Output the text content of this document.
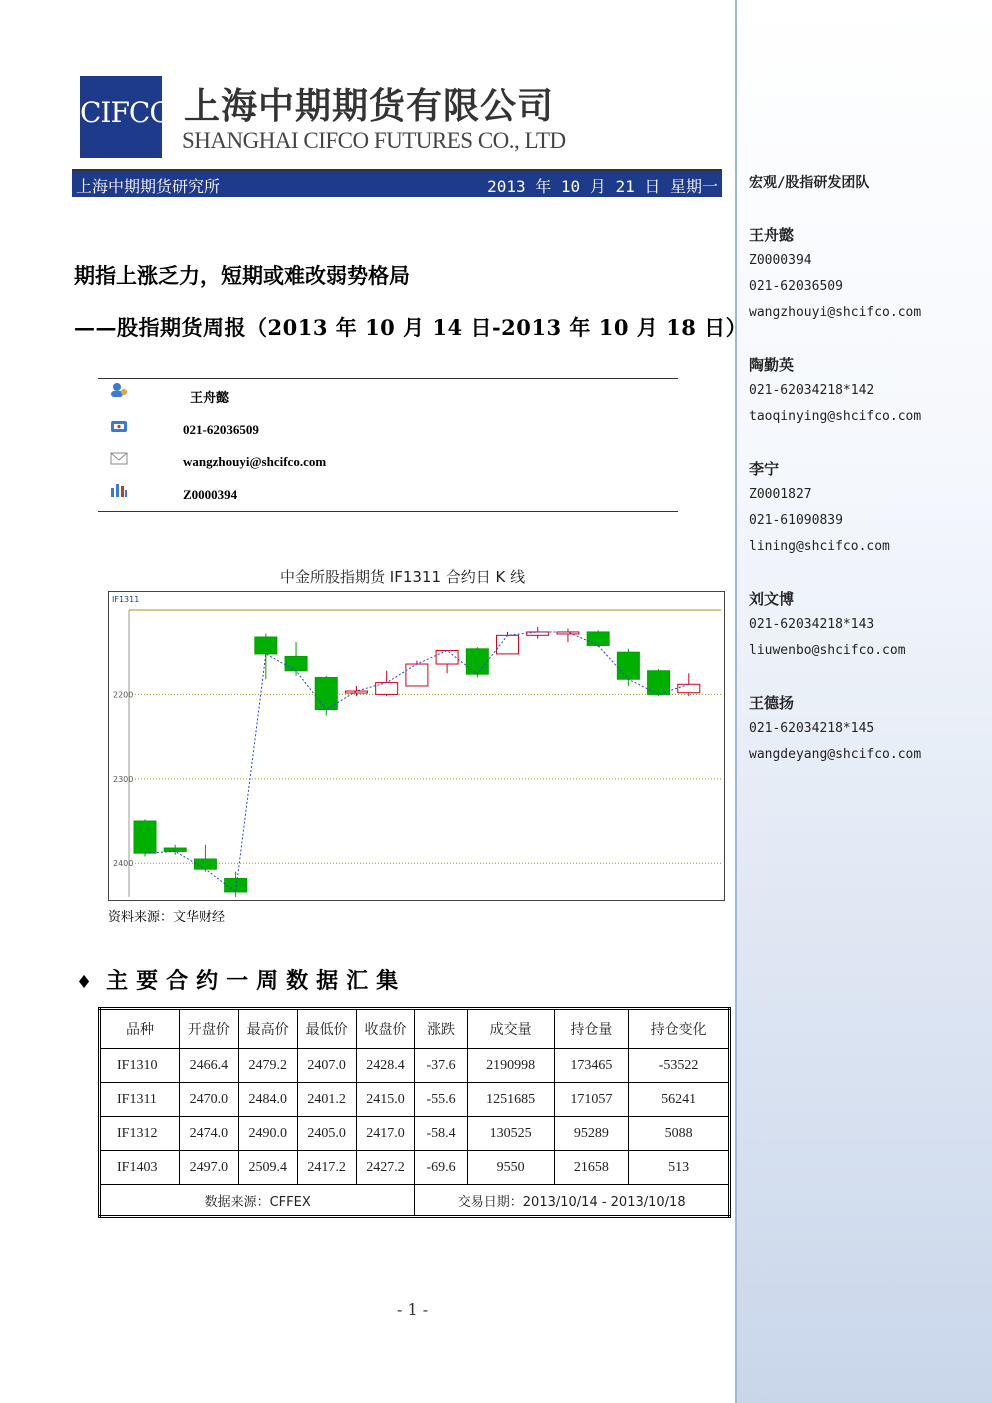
宏观/股指研发团队
王舟懿
Z0000394
021-62036509
wangzhouyi@shcifco.com
陶勤英
021-62034218*142
taoqinying@shcifco.com
李宁
Z0001827
021-61090839
lining@shcifco.com
刘文博
021-62034218*143
liuwenbo@shcifco.com
王德扬
021-62034218*145
wangdeyang@shcifco.com
CIFCO 上海中期期货有限公司
SHANGHAI CIFCO FUTURES CO., LTD
上海中期期货研究所	2013 年 10 月 21 日 星期一
期指上涨乏力，短期或难改弱势格局
——股指期货周报（2013 年 10 月 14 日-2013 年 10 月 18 日）
王舟懿
021-62036509
wangzhouyi@shcifco.com
Z0000394
中金所股指期货 IF1311 合约日 K 线
2400
2300
2200
IF1311
资料来源：文华财经
♦ 主要合约一周数据汇集
品种	开盘价	最高价	最低价	收盘价	涨跌	成交量	持仓量	持仓变化
IF1310	2466.4	2479.2	2407.0	2428.4	-37.6	2190998	173465	-53522
IF1311	2470.0	2484.0	2401.2	2415.0	-55.6	1251685	171057	56241
IF1312	2474.0	2490.0	2405.0	2417.0	-58.4	130525	95289	5088
IF1403	2497.0	2509.4	2417.2	2427.2	-69.6	9550	21658	513
数据来源：CFFEX					交易日期：2013/10/14 - 2013/10/18			
- 1 -
